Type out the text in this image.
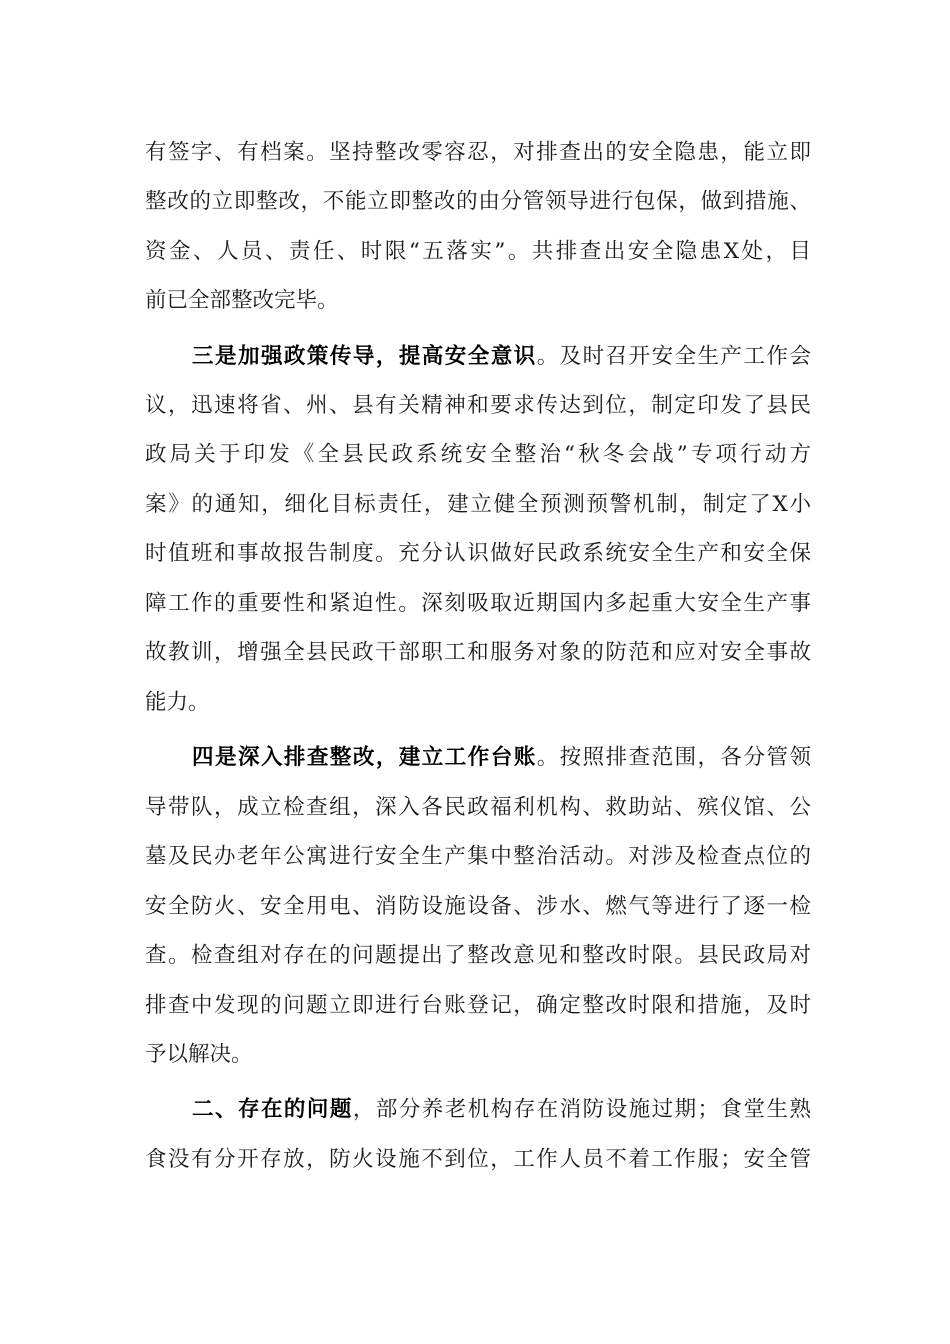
有签字、有档案。坚持整改零容忍，对排查出的安全隐患，能立即
整改的立即整改，不能立即整改的由分管领导进行包保，做到措施、
资金、人员、责任、时限“五落实”。共排查出安全隐患X处，目
前已全部整改完毕。
三是加强政策传导，提高安全意识。及时召开安全生产工作会
议，迅速将省、州、县有关精神和要求传达到位，制定印发了县民
政局关于印发《全县民政系统安全整治“秋冬会战”专项行动方
案》的通知，细化目标责任，建立健全预测预警机制，制定了X小
时值班和事故报告制度。充分认识做好民政系统安全生产和安全保
障工作的重要性和紧迫性。深刻吸取近期国内多起重大安全生产事
故教训，增强全县民政干部职工和服务对象的防范和应对安全事故
能力。
四是深入排查整改，建立工作台账。按照排查范围，各分管领
导带队，成立检查组，深入各民政福利机构、救助站、殡仪馆、公
墓及民办老年公寓进行安全生产集中整治活动。对涉及检查点位的
安全防火、安全用电、消防设施设备、涉水、燃气等进行了逐一检
查。检查组对存在的问题提出了整改意见和整改时限。县民政局对
排查中发现的问题立即进行台账登记，确定整改时限和措施，及时
予以解决。
二、存在的问题，部分养老机构存在消防设施过期；食堂生熟
食没有分开存放，防火设施不到位，工作人员不着工作服；安全管
